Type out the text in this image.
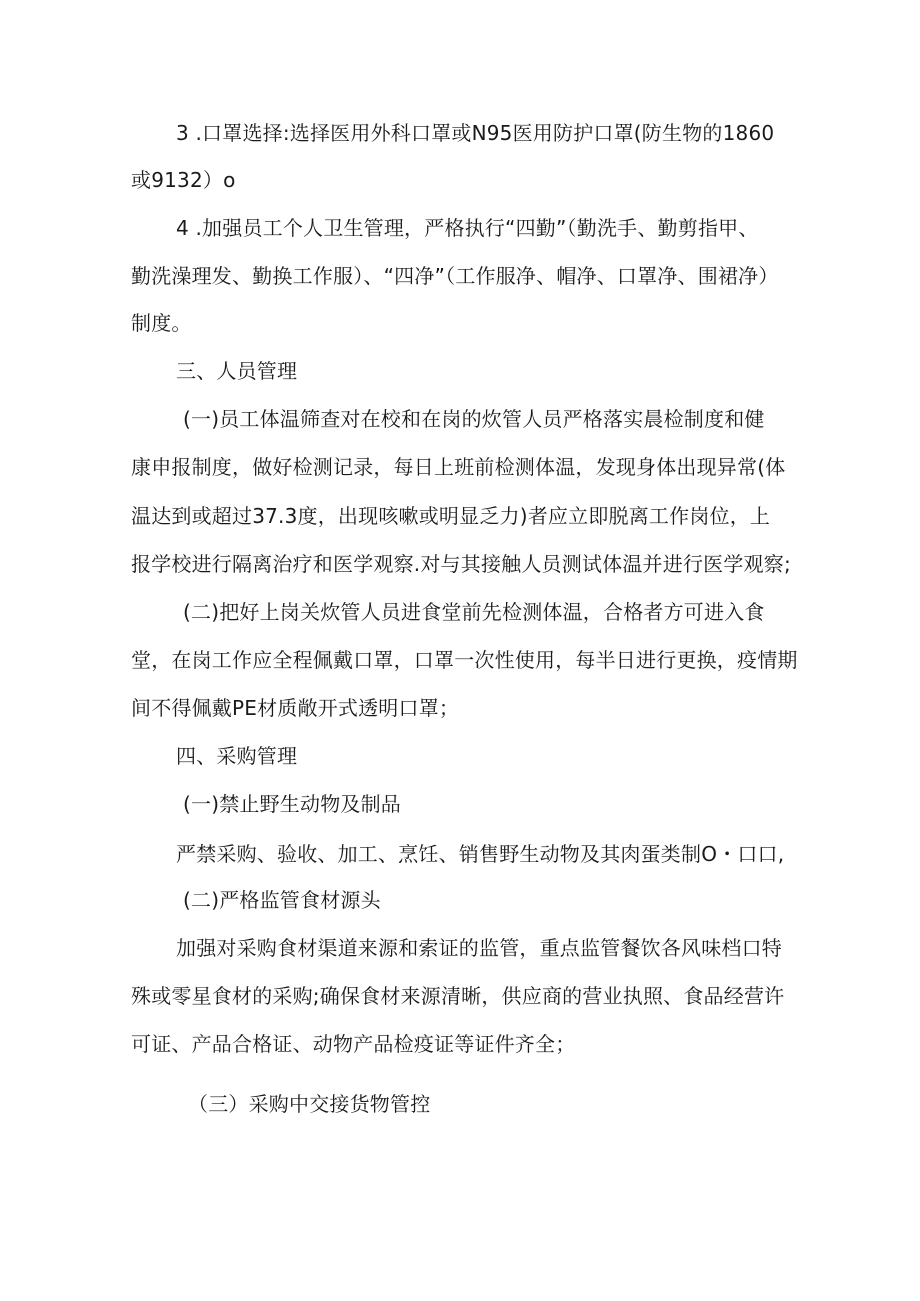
3 .口罩选择:选择医用外科口罩或N95医用防护口罩(防生物的1860
或9132）o
4 .加强员工个人卫生管理，严格执行“四勤”（勤洗手、勤剪指甲、
勤洗澡理发、勤换工作服）、“四净”（工作服净、帽净、口罩净、围裙净）
制度。
三、人员管理
(一)员工体温筛查对在校和在岗的炊管人员严格落实晨检制度和健
康申报制度，做好检测记录，每日上班前检测体温，发现身体出现异常(体
温达到或超过37.3度，出现咳嗽或明显乏力)者应立即脱离工作岗位，上
报学校进行隔离治疗和医学观察.对与其接触人员测试体温并进行医学观察;
(二)把好上岗关炊管人员进食堂前先检测体温，合格者方可进入食
堂，在岗工作应全程佩戴口罩，口罩一次性使用，每半日进行更换，疫情期
间不得佩戴PE材质敞开式透明口罩；
四、采购管理
(一)禁止野生动物及制品
严禁采购、验收、加工、烹饪、销售野生动物及其肉蛋类制O・口口,
(二)严格监管食材源头
加强对采购食材渠道来源和索证的监管，重点监管餐饮各风味档口特
殊或零星食材的采购;确保食材来源清晰，供应商的营业执照、食品经营许
可证、产品合格证、动物产品检疫证等证件齐全；
（三）采购中交接货物管控
